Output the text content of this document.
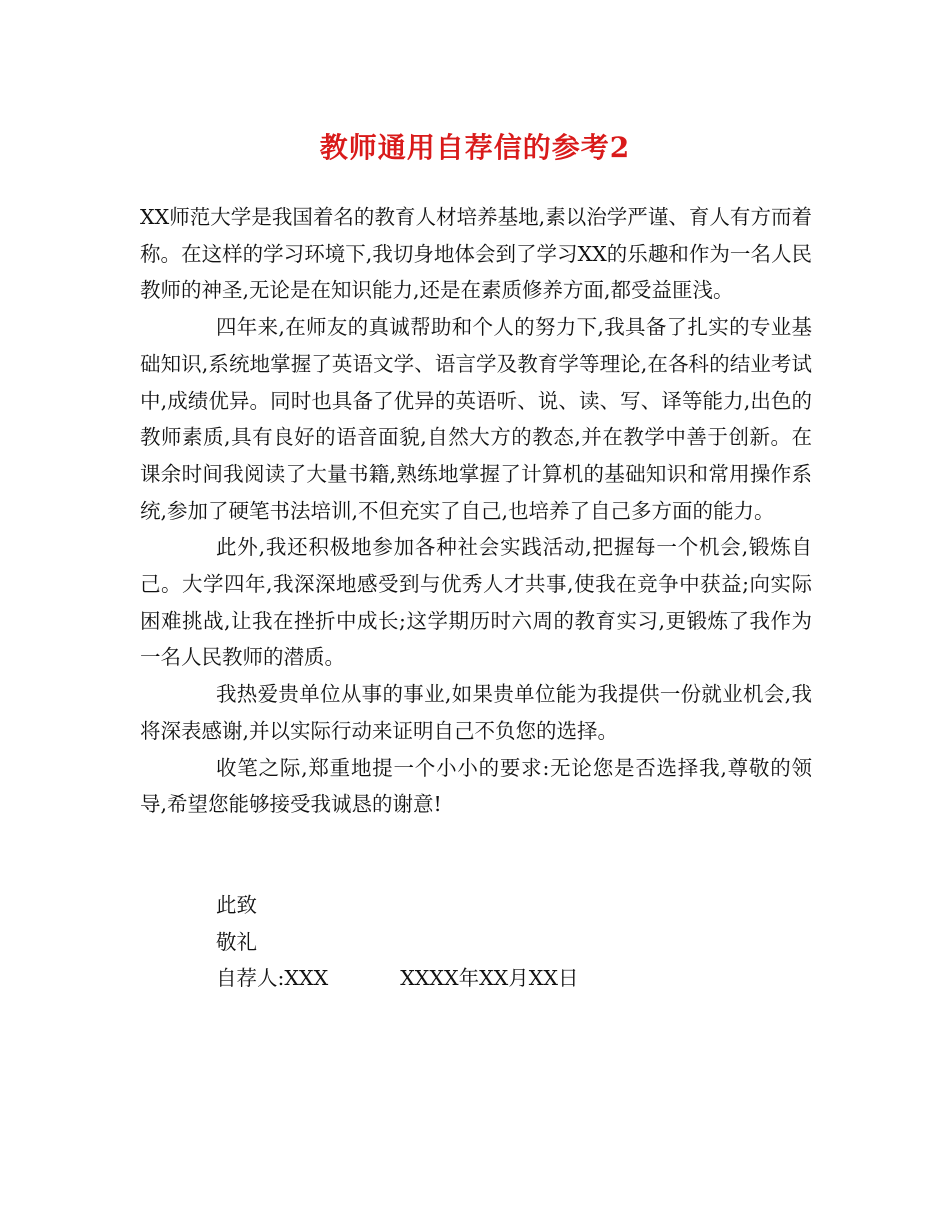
教师通用自荐信的参考2

XX师范大学是我国着名的教育人材培养基地,素以治学严谨、育人有方而着称。在这样的学习环境下,我切身地体会到了学习XX的乐趣和作为一名人民教师的神圣,无论是在知识能力,还是在素质修养方面,都受益匪浅。

四年来,在师友的真诚帮助和个人的努力下,我具备了扎实的专业基础知识,系统地掌握了英语文学、语言学及教育学等理论,在各科的结业考试中,成绩优异。同时也具备了优异的英语听、说、读、写、译等能力,出色的教师素质,具有良好的语音面貌,自然大方的教态,并在教学中善于创新。在课余时间我阅读了大量书籍,熟练地掌握了计算机的基础知识和常用操作系统,参加了硬笔书法培训,不但充实了自己,也培养了自己多方面的能力。

此外,我还积极地参加各种社会实践活动,把握每一个机会,锻炼自己。大学四年,我深深地感受到与优秀人才共事,使我在竞争中获益;向实际困难挑战,让我在挫折中成长;这学期历时六周的教育实习,更锻炼了我作为一名人民教师的潜质。

我热爱贵单位从事的事业,如果贵单位能为我提供一份就业机会,我将深表感谢,并以实际行动来证明自己不负您的选择。

收笔之际,郑重地提一个小小的要求:无论您是否选择我,尊敬的领导,希望您能够接受我诚恳的谢意!

此致
敬礼
自荐人:XXX	XXXX年XX月XX日
